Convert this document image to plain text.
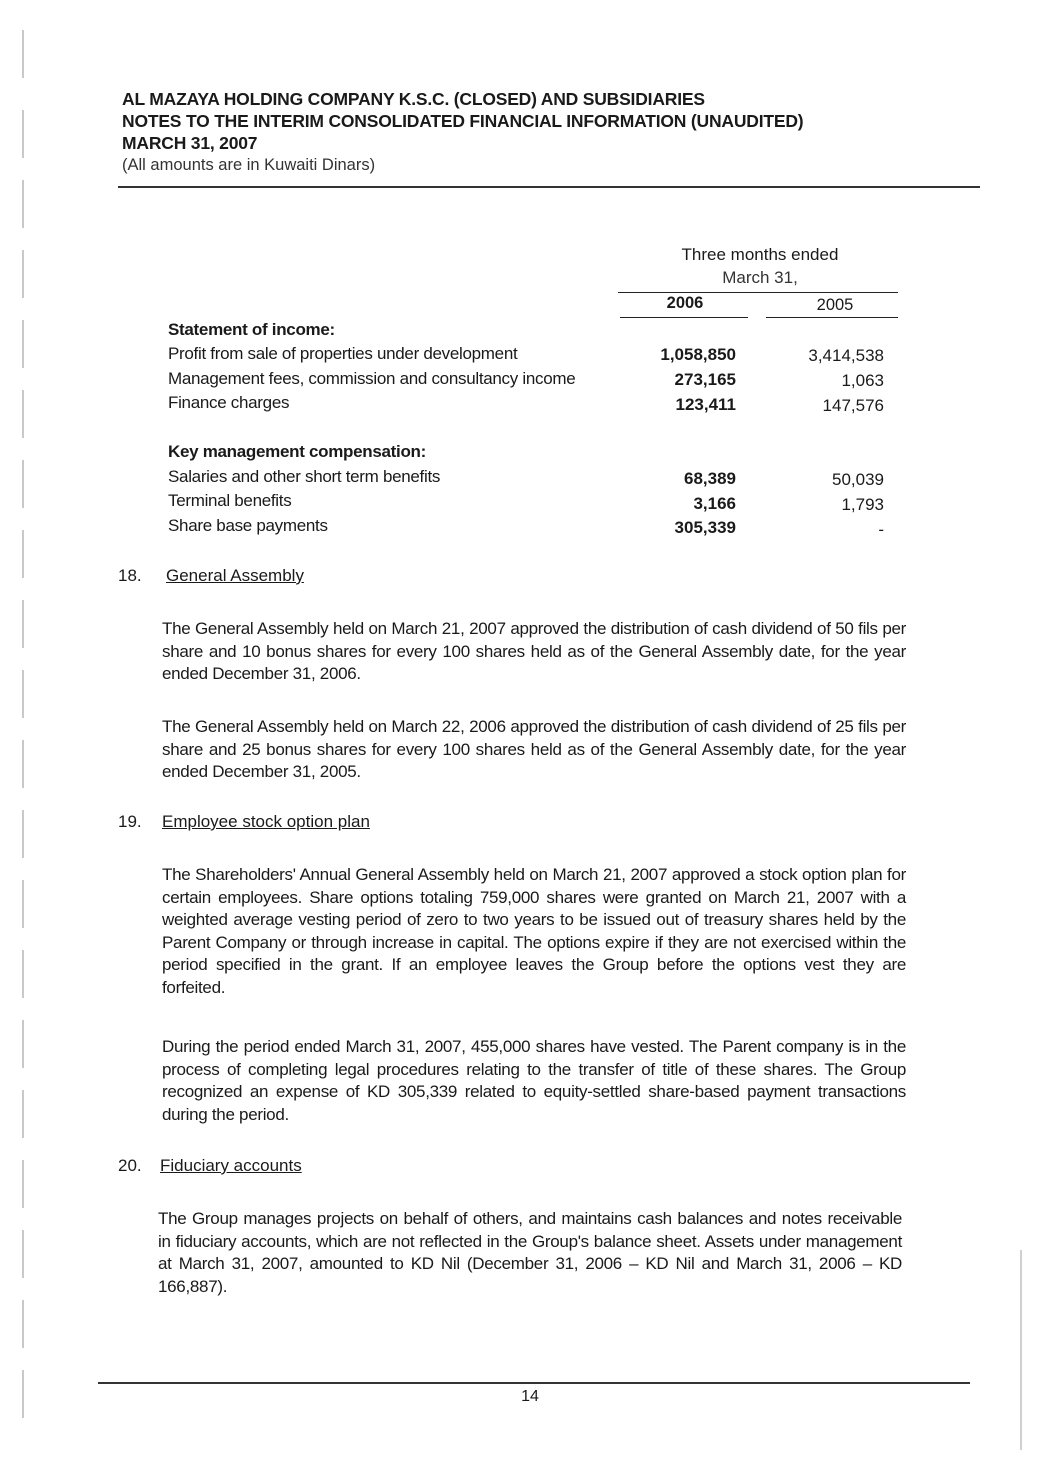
AL MAZAYA HOLDING COMPANY K.S.C. (CLOSED) AND SUBSIDIARIES
NOTES TO THE INTERIM CONSOLIDATED FINANCIAL INFORMATION (UNAUDITED)
MARCH 31, 2007
(All amounts are in Kuwaiti Dinars)
Three months ended
March 31,
2006	2005
Statement of income:
Profit from sale of properties under development	1,058,850	3,414,538
Management fees, commission and consultancy income	273,165	1,063
Finance charges	123,411	147,576
Key management compensation:
Salaries and other short term benefits	68,389	50,039
Terminal benefits	3,166	1,793
Share base payments	305,339	-
18. General Assembly
The General Assembly held on March 21, 2007 approved the distribution of cash dividend of 50 fils per share and 10 bonus shares for every 100 shares held as of the General Assembly date, for the year ended December 31, 2006.
The General Assembly held on March 22, 2006 approved the distribution of cash dividend of 25 fils per share and 25 bonus shares for every 100 shares held as of the General Assembly date, for the year ended December 31, 2005.
19. Employee stock option plan
The Shareholders' Annual General Assembly held on March 21, 2007 approved a stock option plan for certain employees. Share options totaling 759,000 shares were granted on March 21, 2007 with a weighted average vesting period of zero to two years to be issued out of treasury shares held by the Parent Company or through increase in capital. The options expire if they are not exercised within the period specified in the grant. If an employee leaves the Group before the options vest they are forfeited.
During the period ended March 31, 2007, 455,000 shares have vested. The Parent company is in the process of completing legal procedures relating to the transfer of title of these shares. The Group recognized an expense of KD 305,339 related to equity-settled share-based payment transactions during the period.
20. Fiduciary accounts
The Group manages projects on behalf of others, and maintains cash balances and notes receivable in fiduciary accounts, which are not reflected in the Group's balance sheet. Assets under management at March 31, 2007, amounted to KD Nil (December 31, 2006 – KD Nil and March 31, 2006 – KD 166,887).
14
